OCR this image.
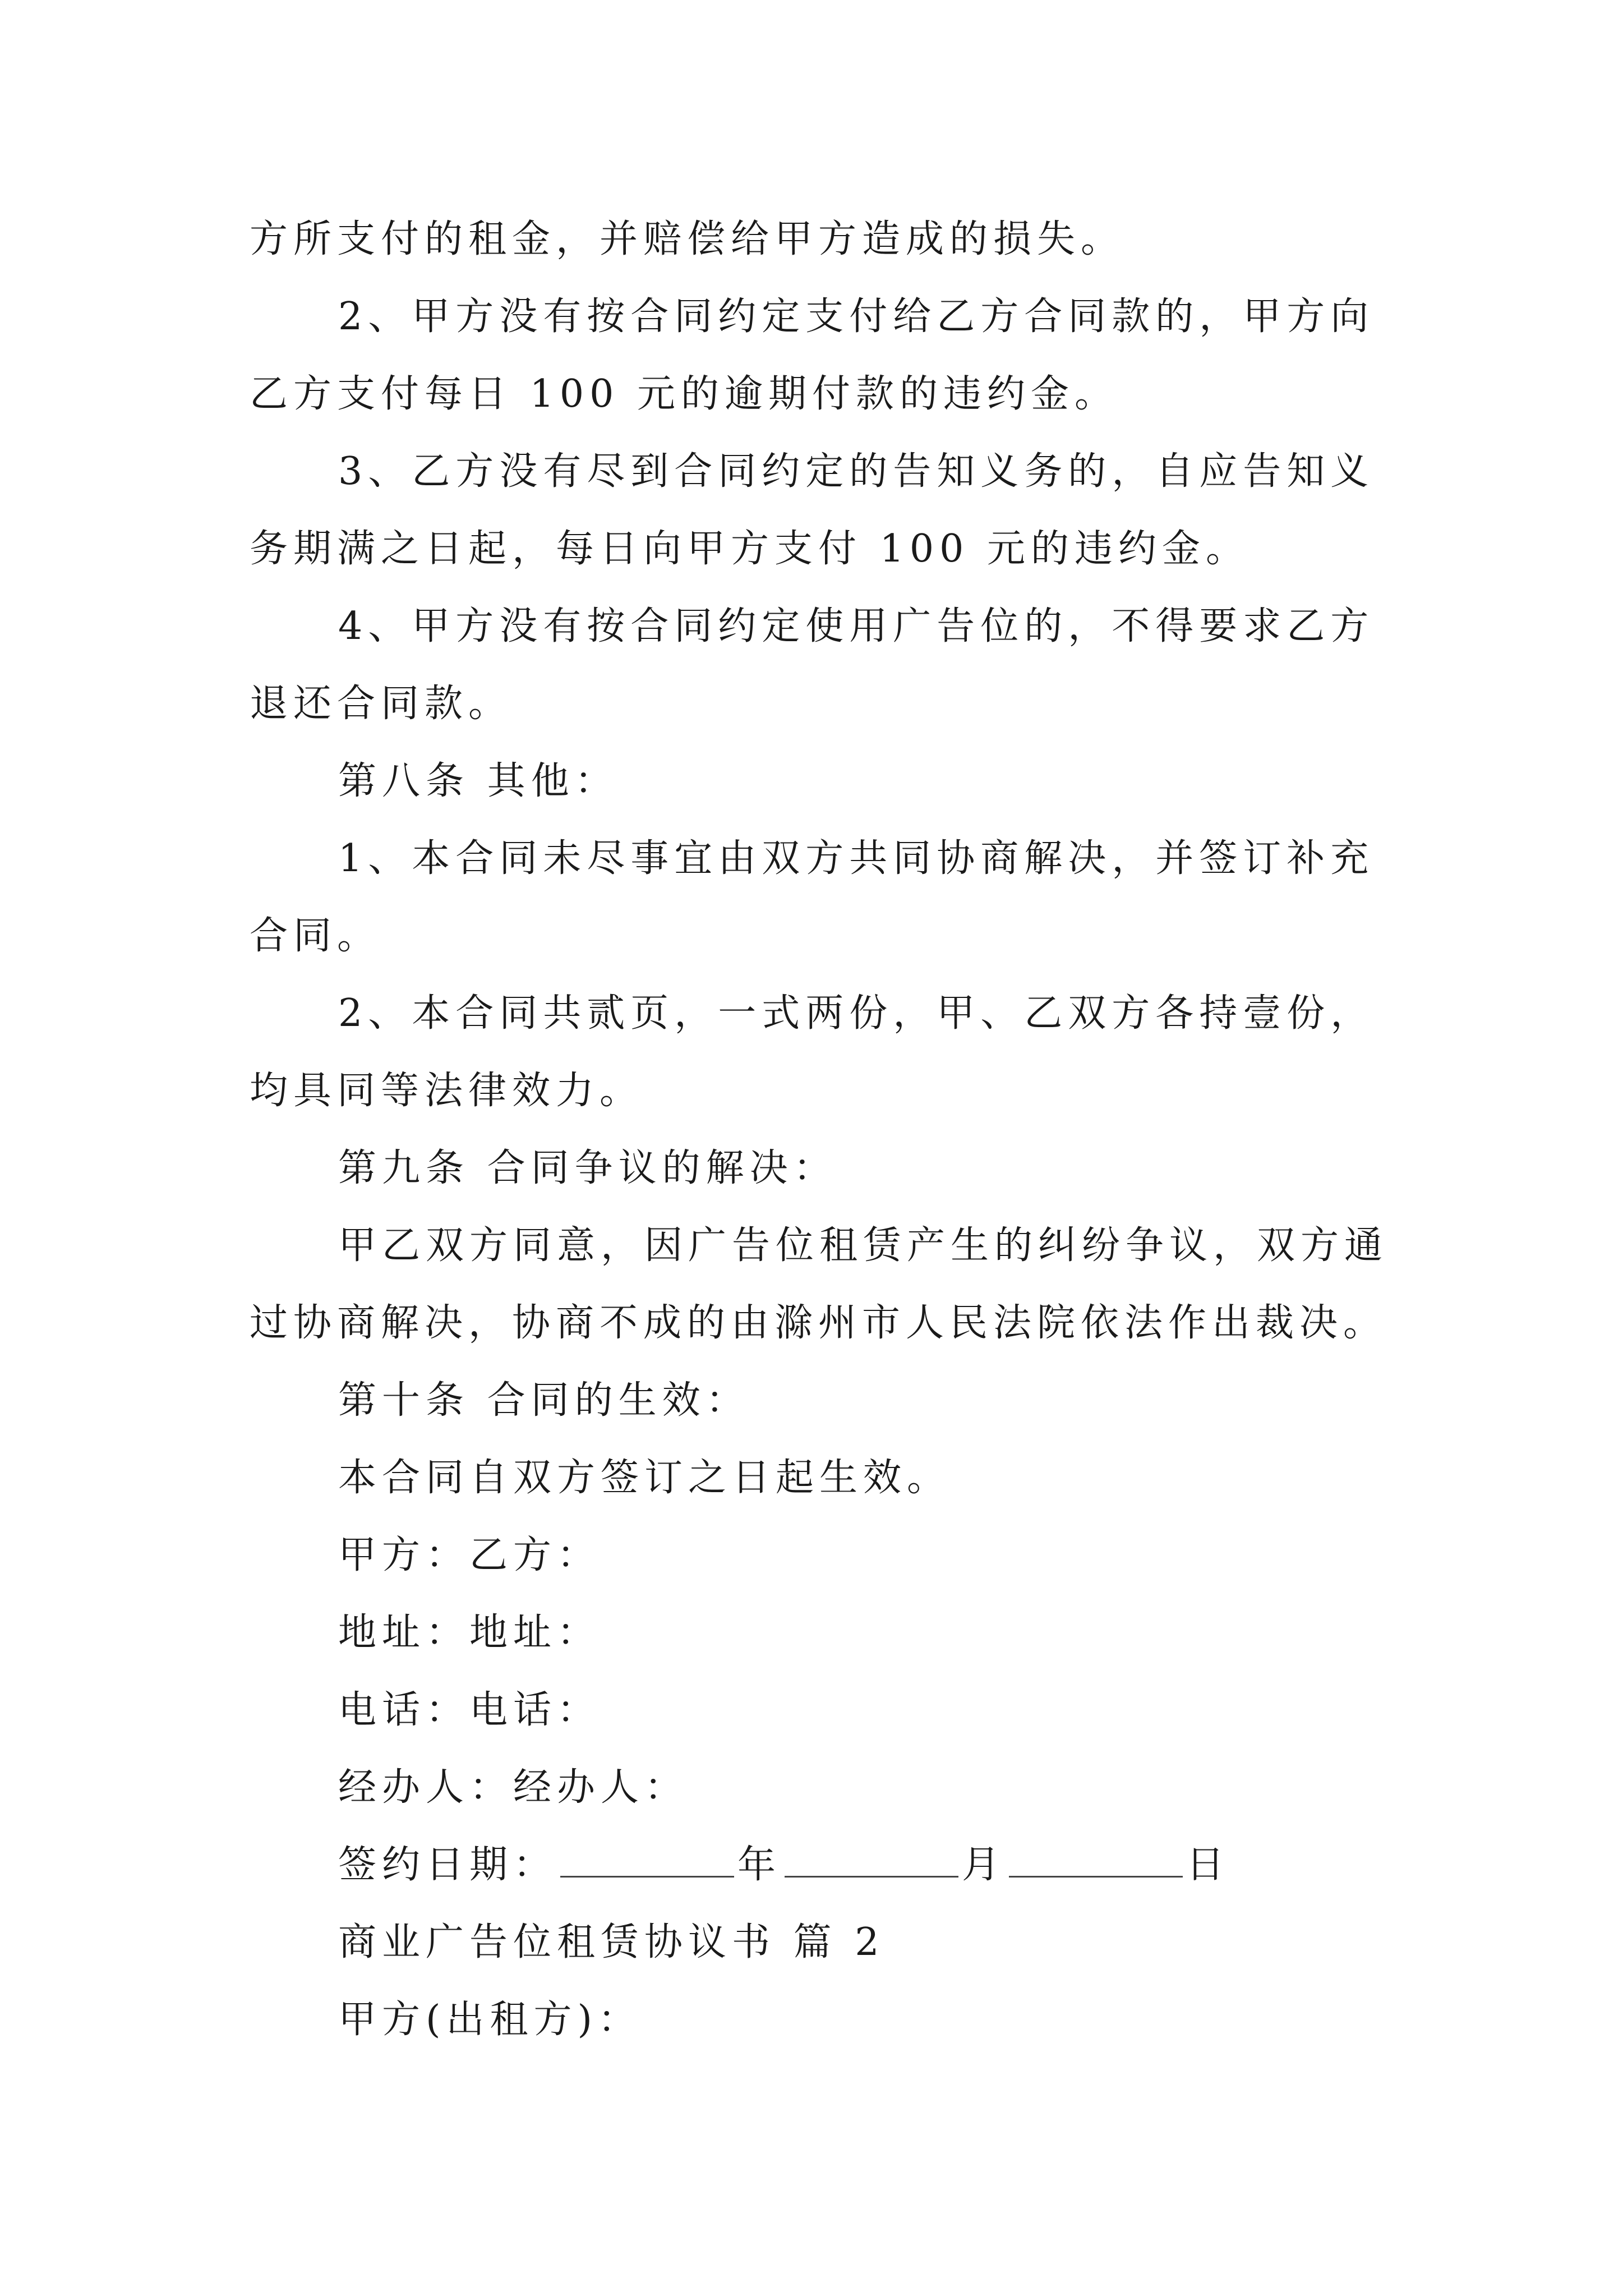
方所支付的租金，并赔偿给甲方造成的损失。
2、甲方没有按合同约定支付给乙方合同款的，甲方向
乙方支付每日 100 元的逾期付款的违约金。
3、乙方没有尽到合同约定的告知义务的，自应告知义
务期满之日起，每日向甲方支付 100 元的违约金。
4、甲方没有按合同约定使用广告位的，不得要求乙方
退还合同款。
第八条 其他：
1、本合同未尽事宜由双方共同协商解决，并签订补充
合同。
2、本合同共贰页，一式两份，甲、乙双方各持壹份，
均具同等法律效力。
第九条 合同争议的解决：
甲乙双方同意，因广告位租赁产生的纠纷争议，双方通
过协商解决，协商不成的由滁州市人民法院依法作出裁决。
第十条 合同的生效：
本合同自双方签订之日起生效。
甲方：乙方：
地址：地址：
电话：电话：
经办人：经办人：
签约日期：	年	月	日
商业广告位租赁协议书 篇 2
甲方(出租方)：
